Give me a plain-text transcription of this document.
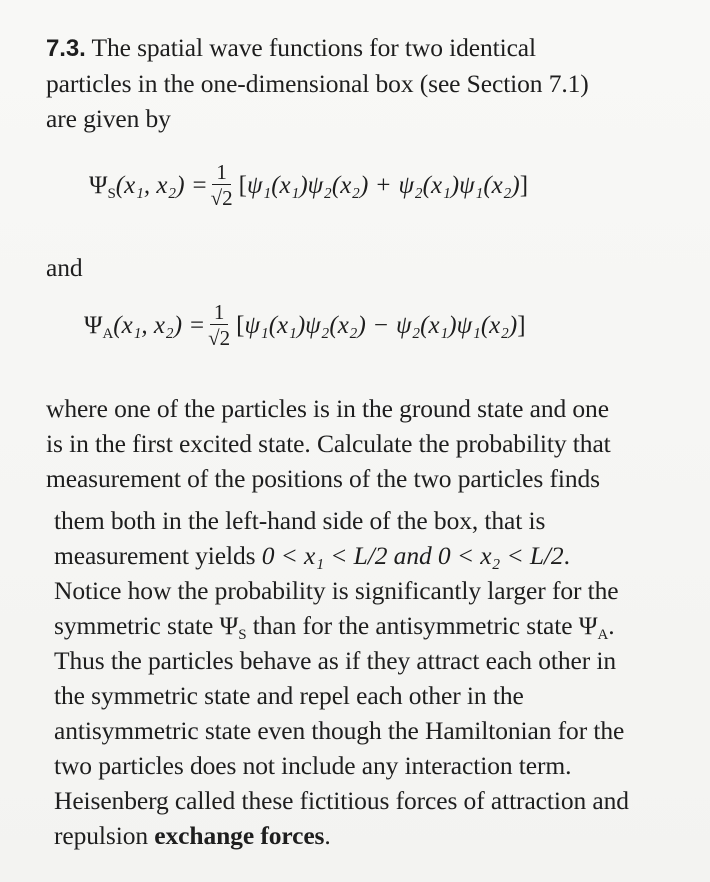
7.3. The spatial wave functions for two identical
particles in the one-dimensional box (see Section 7.1)
are given by
$\Psi_S(x_1$, $x_2) = \frac{1}{√2} [\psi_1(x_1)\psi_2(x_2) + \psi_2(x_1)\psi_1(x_2)]$
and
$\Psi_A(x_1$, $x_2) = \frac{1}{√2} [\psi_1(x_1)\psi_2(x_2) - \psi_2(x_1)\psi_1(x_2)]$
where one of the particles is in the ground state and one
is in the first excited state. Calculate the probability that
measurement of the positions of the two particles finds
them both in the left-hand side of the box, that is
measurement yields 0 < x₁ < L/2 and 0 < x₂ < L/2.
Notice how the probability is significantly larger for the
symmetric state $\Psi_S$ than for the antisymmetric state $\Psi_A$.
Thus the particles behave as if they attract each other in
the symmetric state and repel each other in the
antisymmetric state even though the Hamiltonian for the
two particles does not include any interaction term.
Heisenberg called these fictitious forces of attraction and
repulsion exchange forces.
